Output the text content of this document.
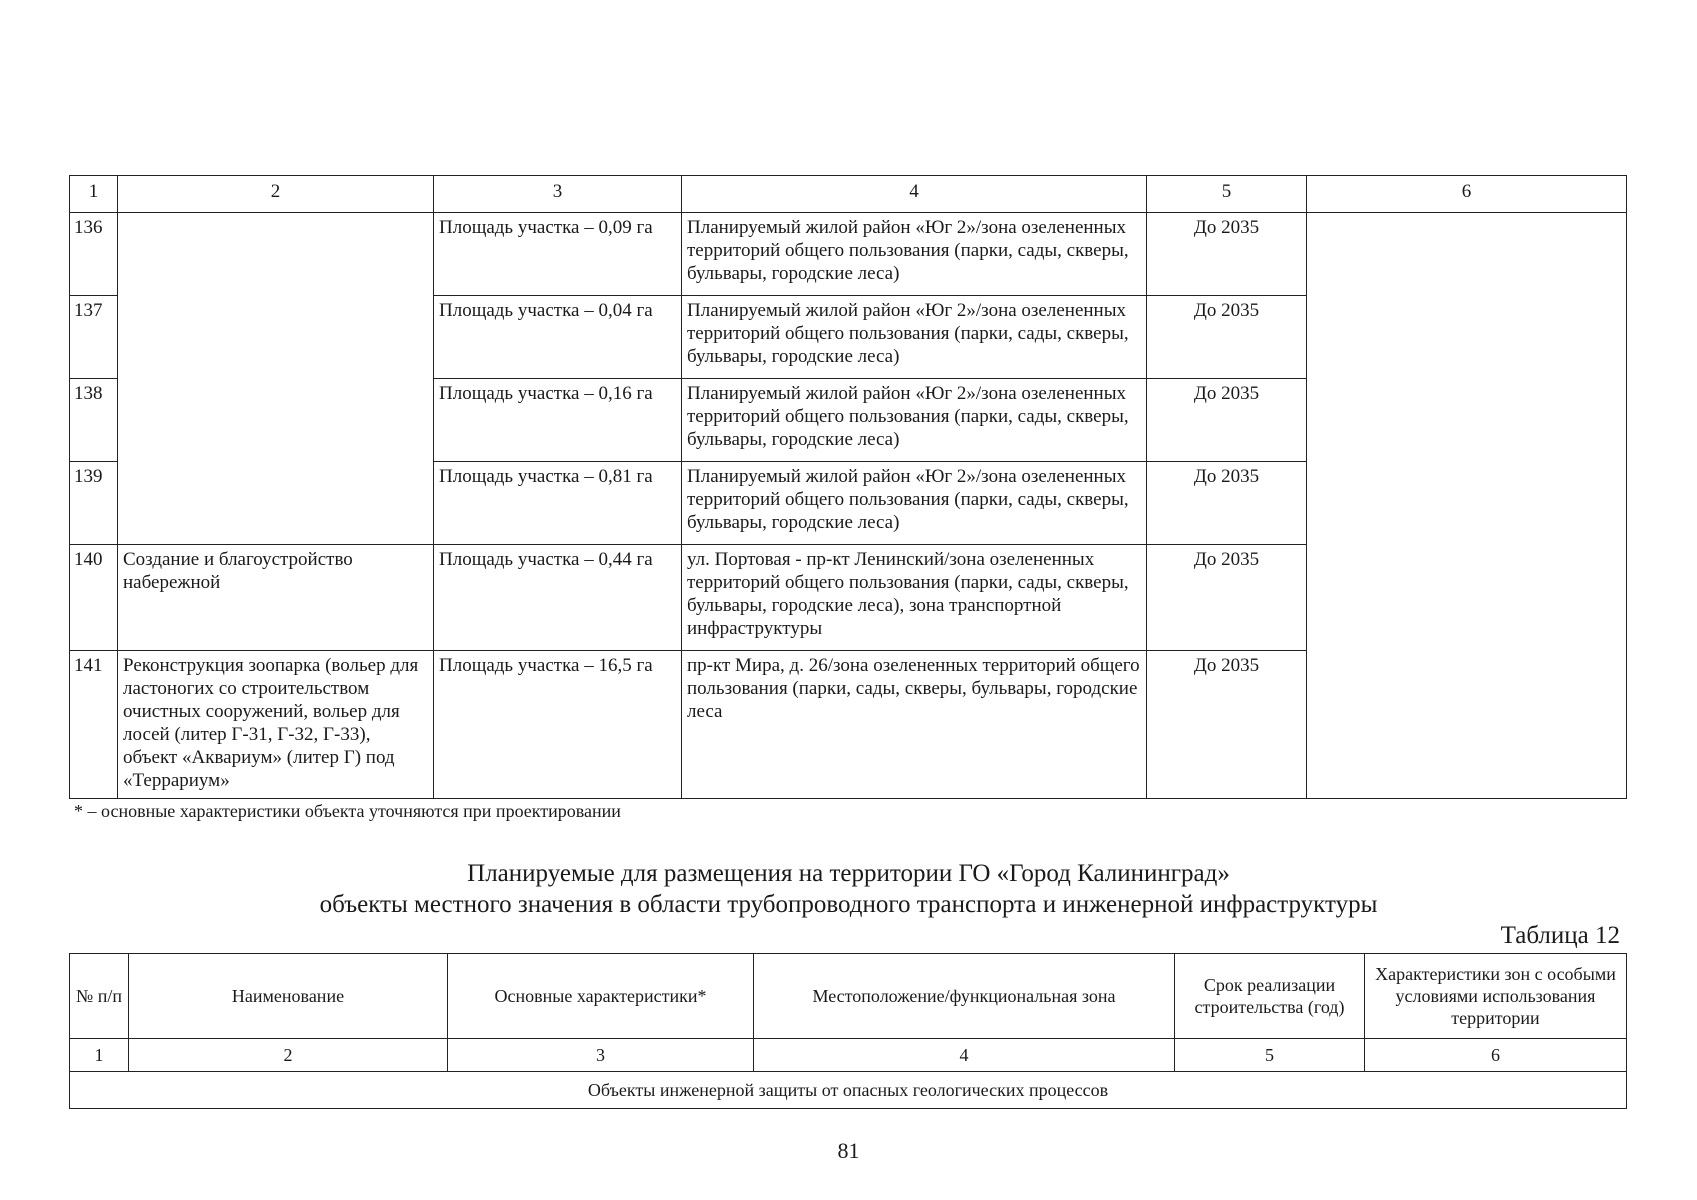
1	2	3	4	5	6
136		Площадь участка – 0,09 га	Планируемый жилой район «Юг 2»/зона озелененных территорий общего пользования (парки, сады, скверы, бульвары, городские леса)	До 2035	
137		Площадь участка – 0,04 га	Планируемый жилой район «Юг 2»/зона озелененных территорий общего пользования (парки, сады, скверы, бульвары, городские леса)	До 2035	
138		Площадь участка – 0,16 га	Планируемый жилой район «Юг 2»/зона озелененных территорий общего пользования (парки, сады, скверы, бульвары, городские леса)	До 2035	
139		Площадь участка – 0,81 га	Планируемый жилой район «Юг 2»/зона озелененных территорий общего пользования (парки, сады, скверы, бульвары, городские леса)	До 2035	
140	Создание и благоустройство набережной	Площадь участка – 0,44 га	ул. Портовая - пр-кт Ленинский/зона озелененных территорий общего пользования (парки, сады, скверы, бульвары, городские леса), зона транспортной инфраструктуры	До 2035	
141	Реконструкция зоопарка (вольер для ластоногих со строительством очистных сооружений, вольер для лосей (литер Г-31, Г-32, Г-33), объект «Аквариум» (литер Г) под «Террариум»	Площадь участка – 16,5 га	пр-кт Мира, д. 26/зона озелененных территорий общего пользования (парки, сады, скверы, бульвары, городские леса	До 2035	
* – основные характеристики объекта уточняются при проектировании
Планируемые для размещения на территории ГО «Город Калининград»
объекты местного значения в области трубопроводного транспорта и инженерной инфраструктуры
Таблица 12
№ п/п	Наименование	Основные характеристики*	Местоположение/функциональная зона	Срок реализации строительства (год)	Характеристики зон с особыми условиями использования территории
1	2	3	4	5	6
Объекты инженерной защиты от опасных геологических процессов					
81
